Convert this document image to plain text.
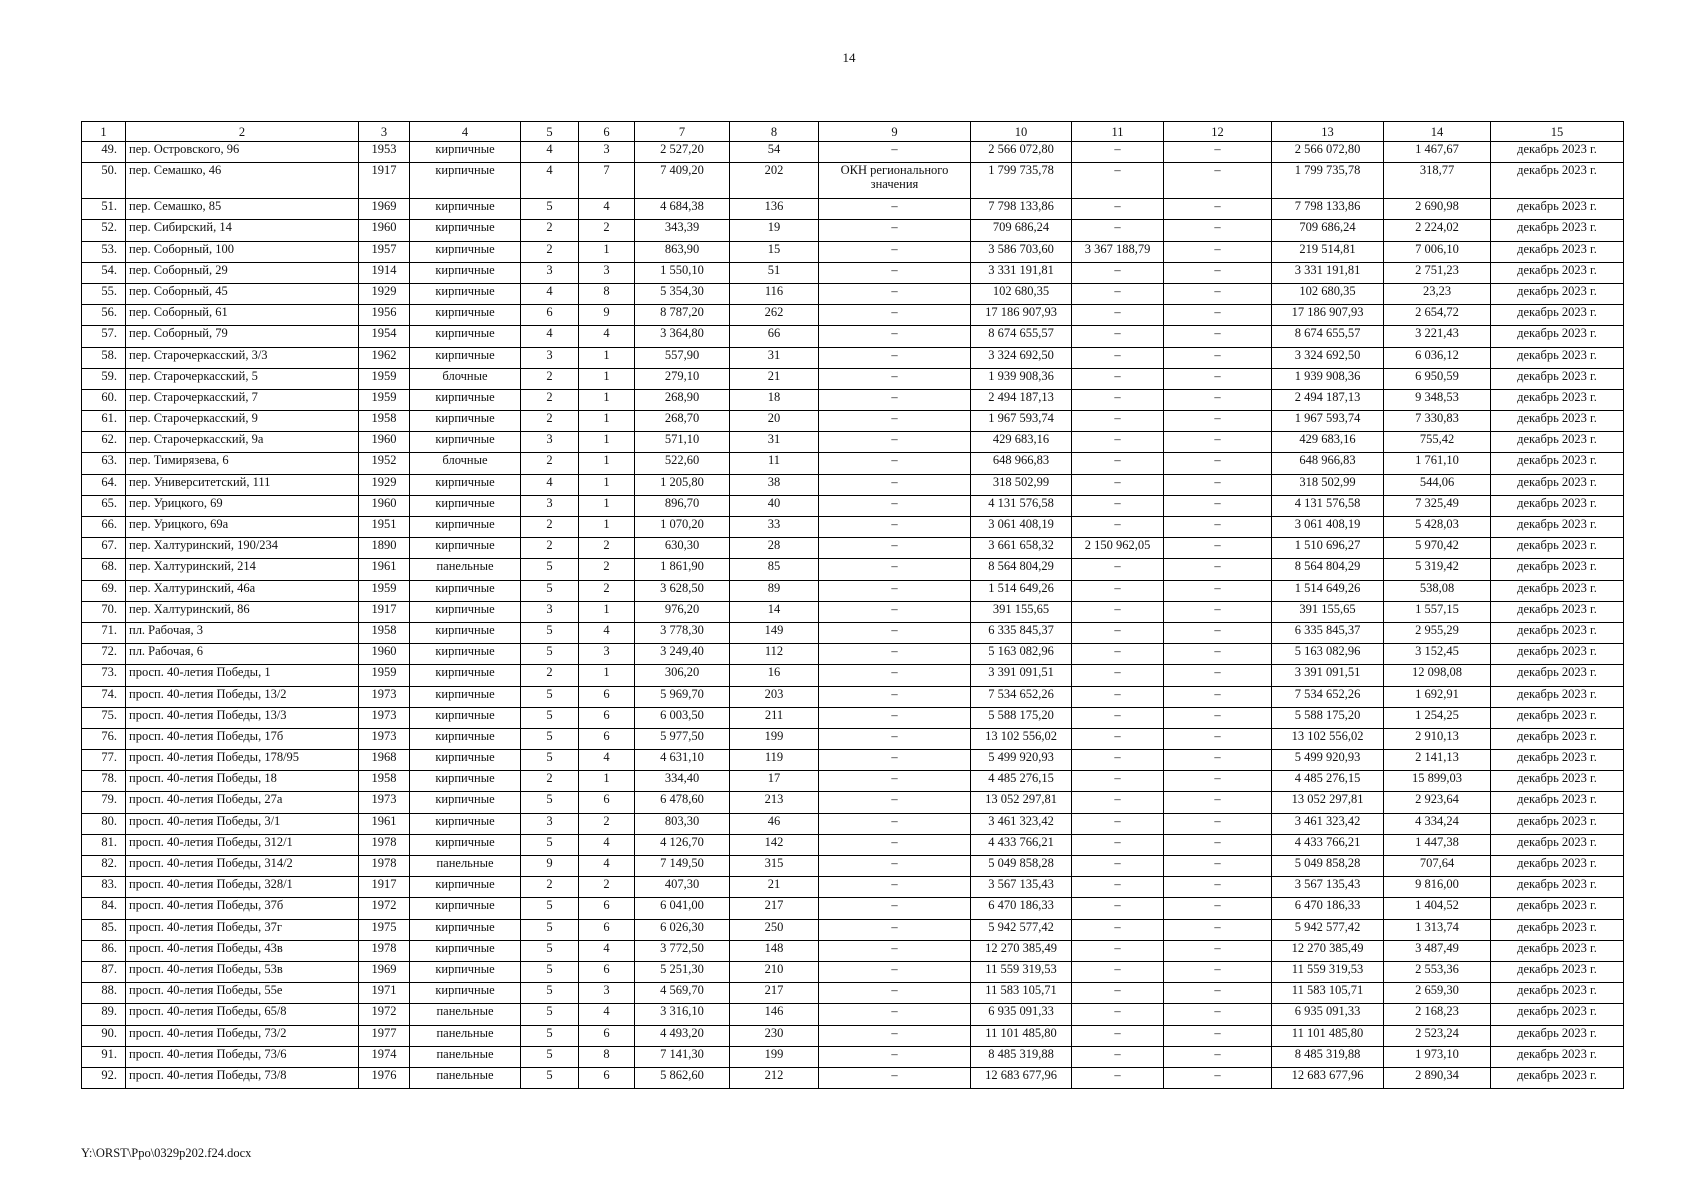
14
1	2	3	4	5	6	7	8	9	10	11	12	13	14	15
49.	пер. Островского, 96	1953	кирпичные	4	3	2 527,20	54	–	2 566 072,80	–	–	2 566 072,80	1 467,67	декабрь 2023 г.
50.	пер. Семашко, 46	1917	кирпичные	4	7	7 409,20	202	ОКН регионального значения	1 799 735,78	–	–	1 799 735,78	318,77	декабрь 2023 г.
51.	пер. Семашко, 85	1969	кирпичные	5	4	4 684,38	136	–	7 798 133,86	–	–	7 798 133,86	2 690,98	декабрь 2023 г.
52.	пер. Сибирский, 14	1960	кирпичные	2	2	343,39	19	–	709 686,24	–	–	709 686,24	2 224,02	декабрь 2023 г.
53.	пер. Соборный, 100	1957	кирпичные	2	1	863,90	15	–	3 586 703,60	3 367 188,79	–	219 514,81	7 006,10	декабрь 2023 г.
54.	пер. Соборный, 29	1914	кирпичные	3	3	1 550,10	51	–	3 331 191,81	–	–	3 331 191,81	2 751,23	декабрь 2023 г.
55.	пер. Соборный, 45	1929	кирпичные	4	8	5 354,30	116	–	102 680,35	–	–	102 680,35	23,23	декабрь 2023 г.
56.	пер. Соборный, 61	1956	кирпичные	6	9	8 787,20	262	–	17 186 907,93	–	–	17 186 907,93	2 654,72	декабрь 2023 г.
57.	пер. Соборный, 79	1954	кирпичные	4	4	3 364,80	66	–	8 674 655,57	–	–	8 674 655,57	3 221,43	декабрь 2023 г.
58.	пер. Старочеркасский, 3/3	1962	кирпичные	3	1	557,90	31	–	3 324 692,50	–	–	3 324 692,50	6 036,12	декабрь 2023 г.
59.	пер. Старочеркасский, 5	1959	блочные	2	1	279,10	21	–	1 939 908,36	–	–	1 939 908,36	6 950,59	декабрь 2023 г.
60.	пер. Старочеркасский, 7	1959	кирпичные	2	1	268,90	18	–	2 494 187,13	–	–	2 494 187,13	9 348,53	декабрь 2023 г.
61.	пер. Старочеркасский, 9	1958	кирпичные	2	1	268,70	20	–	1 967 593,74	–	–	1 967 593,74	7 330,83	декабрь 2023 г.
62.	пер. Старочеркасский, 9а	1960	кирпичные	3	1	571,10	31	–	429 683,16	–	–	429 683,16	755,42	декабрь 2023 г.
63.	пер. Тимирязева, 6	1952	блочные	2	1	522,60	11	–	648 966,83	–	–	648 966,83	1 761,10	декабрь 2023 г.
64.	пер. Университетский, 111	1929	кирпичные	4	1	1 205,80	38	–	318 502,99	–	–	318 502,99	544,06	декабрь 2023 г.
65.	пер. Урицкого, 69	1960	кирпичные	3	1	896,70	40	–	4 131 576,58	–	–	4 131 576,58	7 325,49	декабрь 2023 г.
66.	пер. Урицкого, 69а	1951	кирпичные	2	1	1 070,20	33	–	3 061 408,19	–	–	3 061 408,19	5 428,03	декабрь 2023 г.
67.	пер. Халтуринский, 190/234	1890	кирпичные	2	2	630,30	28	–	3 661 658,32	2 150 962,05	–	1 510 696,27	5 970,42	декабрь 2023 г.
68.	пер. Халтуринский, 214	1961	панельные	5	2	1 861,90	85	–	8 564 804,29	–	–	8 564 804,29	5 319,42	декабрь 2023 г.
69.	пер. Халтуринский, 46а	1959	кирпичные	5	2	3 628,50	89	–	1 514 649,26	–	–	1 514 649,26	538,08	декабрь 2023 г.
70.	пер. Халтуринский, 86	1917	кирпичные	3	1	976,20	14	–	391 155,65	–	–	391 155,65	1 557,15	декабрь 2023 г.
71.	пл. Рабочая, 3	1958	кирпичные	5	4	3 778,30	149	–	6 335 845,37	–	–	6 335 845,37	2 955,29	декабрь 2023 г.
72.	пл. Рабочая, 6	1960	кирпичные	5	3	3 249,40	112	–	5 163 082,96	–	–	5 163 082,96	3 152,45	декабрь 2023 г.
73.	просп. 40-летия Победы, 1	1959	кирпичные	2	1	306,20	16	–	3 391 091,51	–	–	3 391 091,51	12 098,08	декабрь 2023 г.
74.	просп. 40-летия Победы, 13/2	1973	кирпичные	5	6	5 969,70	203	–	7 534 652,26	–	–	7 534 652,26	1 692,91	декабрь 2023 г.
75.	просп. 40-летия Победы, 13/3	1973	кирпичные	5	6	6 003,50	211	–	5 588 175,20	–	–	5 588 175,20	1 254,25	декабрь 2023 г.
76.	просп. 40-летия Победы, 17б	1973	кирпичные	5	6	5 977,50	199	–	13 102 556,02	–	–	13 102 556,02	2 910,13	декабрь 2023 г.
77.	просп. 40-летия Победы, 178/95	1968	кирпичные	5	4	4 631,10	119	–	5 499 920,93	–	–	5 499 920,93	2 141,13	декабрь 2023 г.
78.	просп. 40-летия Победы, 18	1958	кирпичные	2	1	334,40	17	–	4 485 276,15	–	–	4 485 276,15	15 899,03	декабрь 2023 г.
79.	просп. 40-летия Победы, 27а	1973	кирпичные	5	6	6 478,60	213	–	13 052 297,81	–	–	13 052 297,81	2 923,64	декабрь 2023 г.
80.	просп. 40-летия Победы, 3/1	1961	кирпичные	3	2	803,30	46	–	3 461 323,42	–	–	3 461 323,42	4 334,24	декабрь 2023 г.
81.	просп. 40-летия Победы, 312/1	1978	кирпичные	5	4	4 126,70	142	–	4 433 766,21	–	–	4 433 766,21	1 447,38	декабрь 2023 г.
82.	просп. 40-летия Победы, 314/2	1978	панельные	9	4	7 149,50	315	–	5 049 858,28	–	–	5 049 858,28	707,64	декабрь 2023 г.
83.	просп. 40-летия Победы, 328/1	1917	кирпичные	2	2	407,30	21	–	3 567 135,43	–	–	3 567 135,43	9 816,00	декабрь 2023 г.
84.	просп. 40-летия Победы, 37б	1972	кирпичные	5	6	6 041,00	217	–	6 470 186,33	–	–	6 470 186,33	1 404,52	декабрь 2023 г.
85.	просп. 40-летия Победы, 37г	1975	кирпичные	5	6	6 026,30	250	–	5 942 577,42	–	–	5 942 577,42	1 313,74	декабрь 2023 г.
86.	просп. 40-летия Победы, 43в	1978	кирпичные	5	4	3 772,50	148	–	12 270 385,49	–	–	12 270 385,49	3 487,49	декабрь 2023 г.
87.	просп. 40-летия Победы, 53в	1969	кирпичные	5	6	5 251,30	210	–	11 559 319,53	–	–	11 559 319,53	2 553,36	декабрь 2023 г.
88.	просп. 40-летия Победы, 55е	1971	кирпичные	5	3	4 569,70	217	–	11 583 105,71	–	–	11 583 105,71	2 659,30	декабрь 2023 г.
89.	просп. 40-летия Победы, 65/8	1972	панельные	5	4	3 316,10	146	–	6 935 091,33	–	–	6 935 091,33	2 168,23	декабрь 2023 г.
90.	просп. 40-летия Победы, 73/2	1977	панельные	5	6	4 493,20	230	–	11 101 485,80	–	–	11 101 485,80	2 523,24	декабрь 2023 г.
91.	просп. 40-летия Победы, 73/6	1974	панельные	5	8	7 141,30	199	–	8 485 319,88	–	–	8 485 319,88	1 973,10	декабрь 2023 г.
92.	просп. 40-летия Победы, 73/8	1976	панельные	5	6	5 862,60	212	–	12 683 677,96	–	–	12 683 677,96	2 890,34	декабрь 2023 г.
Y:\ORST\Ppo\0329p202.f24.docx
